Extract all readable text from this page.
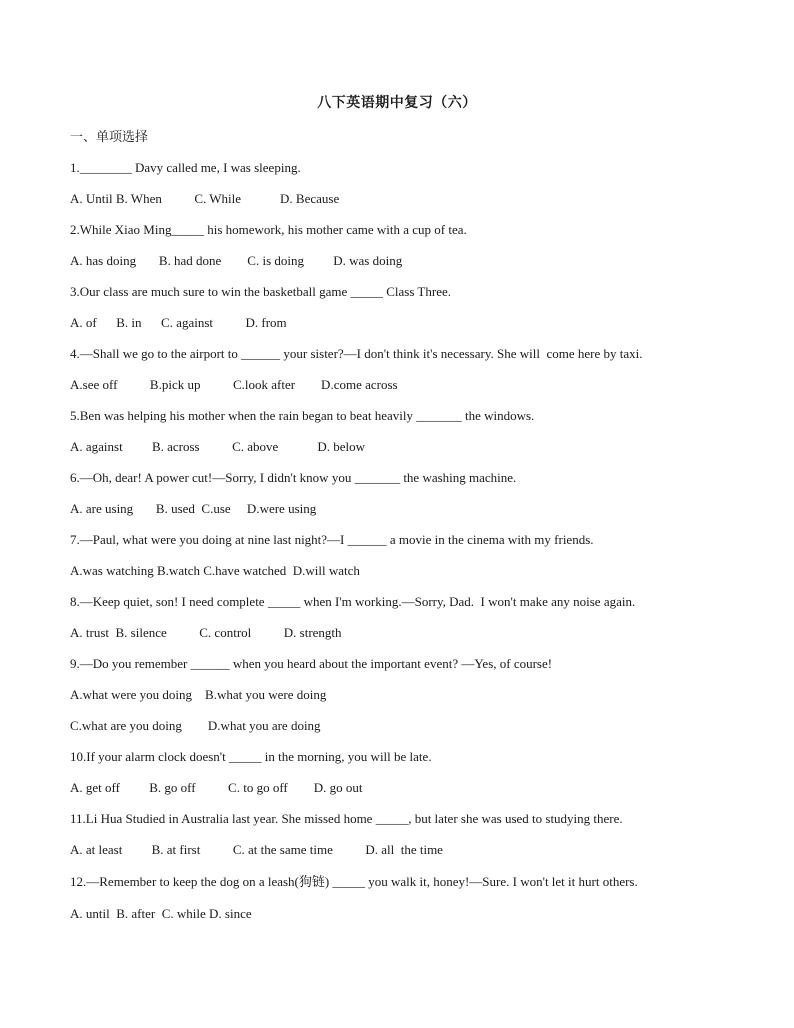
八下英语期中复习（六）
一、单项选择
1.________ Davy called me, I was sleeping.
A. Until B. When          C. While            D. Because
2.While Xiao Ming_____ his homework, his mother came with a cup of tea.
A. has doing       B. had done        C. is doing         D. was doing
3.Our class are much sure to win the basketball game _____ Class Three.
A. of      B. in      C. against          D. from
4.—Shall we go to the airport to ______ your sister?—I don't think it's necessary. She will  come here by taxi.
A.see off          B.pick up          C.look after        D.come across
5.Ben was helping his mother when the rain began to beat heavily _______ the windows.
A. against         B. across          C. above            D. below
6.—Oh, dear! A power cut!—Sorry, I didn't know you _______ the washing machine.
A. are using       B. used  C.use     D.were using
7.—Paul, what were you doing at nine last night?—I ______ a movie in the cinema with my friends.
A.was watching B.watch C.have watched  D.will watch
8.—Keep quiet, son! I need complete _____ when I'm working.—Sorry, Dad.  I won't make any noise again.
A. trust  B. silence          C. control          D. strength
9.—Do you remember ______ when you heard about the important event? —Yes, of course!
A.what were you doing    B.what you were doing
C.what are you doing        D.what you are doing
10.If your alarm clock doesn't _____ in the morning, you will be late.
A. get off         B. go off          C. to go off        D. go out
11.Li Hua Studied in Australia last year. She missed home _____, but later she was used to studying there.
A. at least         B. at first          C. at the same time          D. all  the time
12.—Remember to keep the dog on a leash(狗链) _____ you walk it, honey!—Sure. I won't let it hurt others.
A. until  B. after  C. while D. since
